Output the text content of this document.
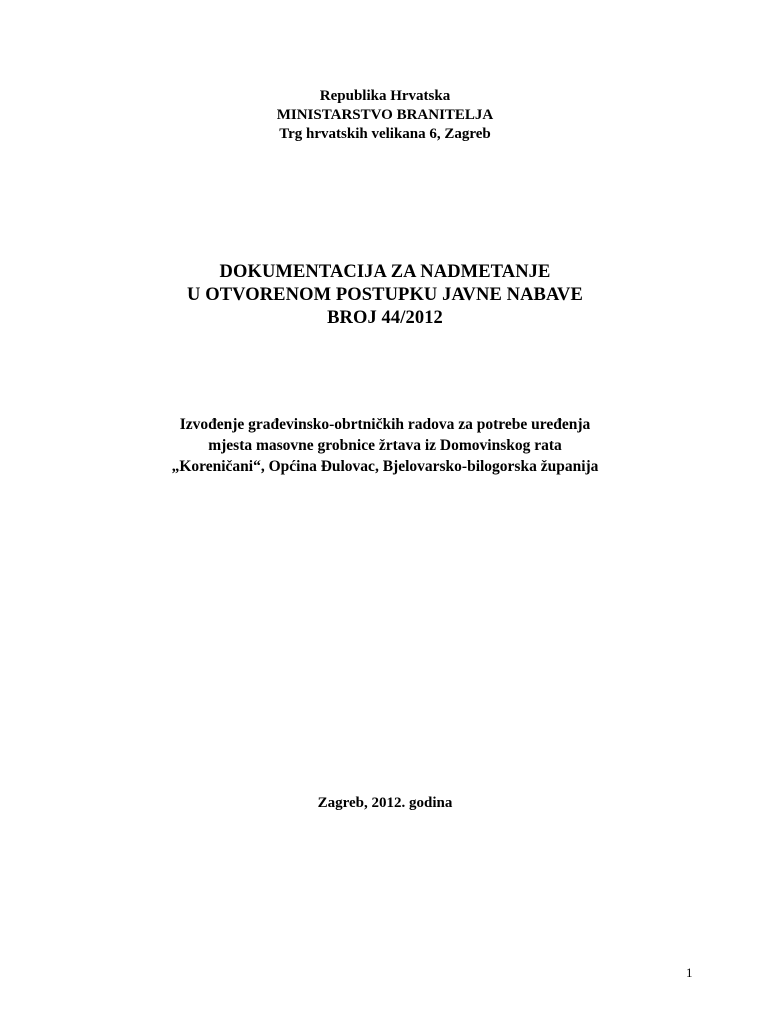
Republika Hrvatska
MINISTARSTVO BRANITELJA
Trg hrvatskih velikana 6, Zagreb
DOKUMENTACIJA ZA NADMETANJE
U OTVORENOM POSTUPKU JAVNE NABAVE
BROJ 44/2012
Izvođenje građevinsko-obrtničkih radova za potrebe uređenja
mjesta masovne grobnice žrtava iz Domovinskog rata
„Koreničani“, Općina Đulovac, Bjelovarsko-bilogorska županija
Zagreb, 2012. godina
1
